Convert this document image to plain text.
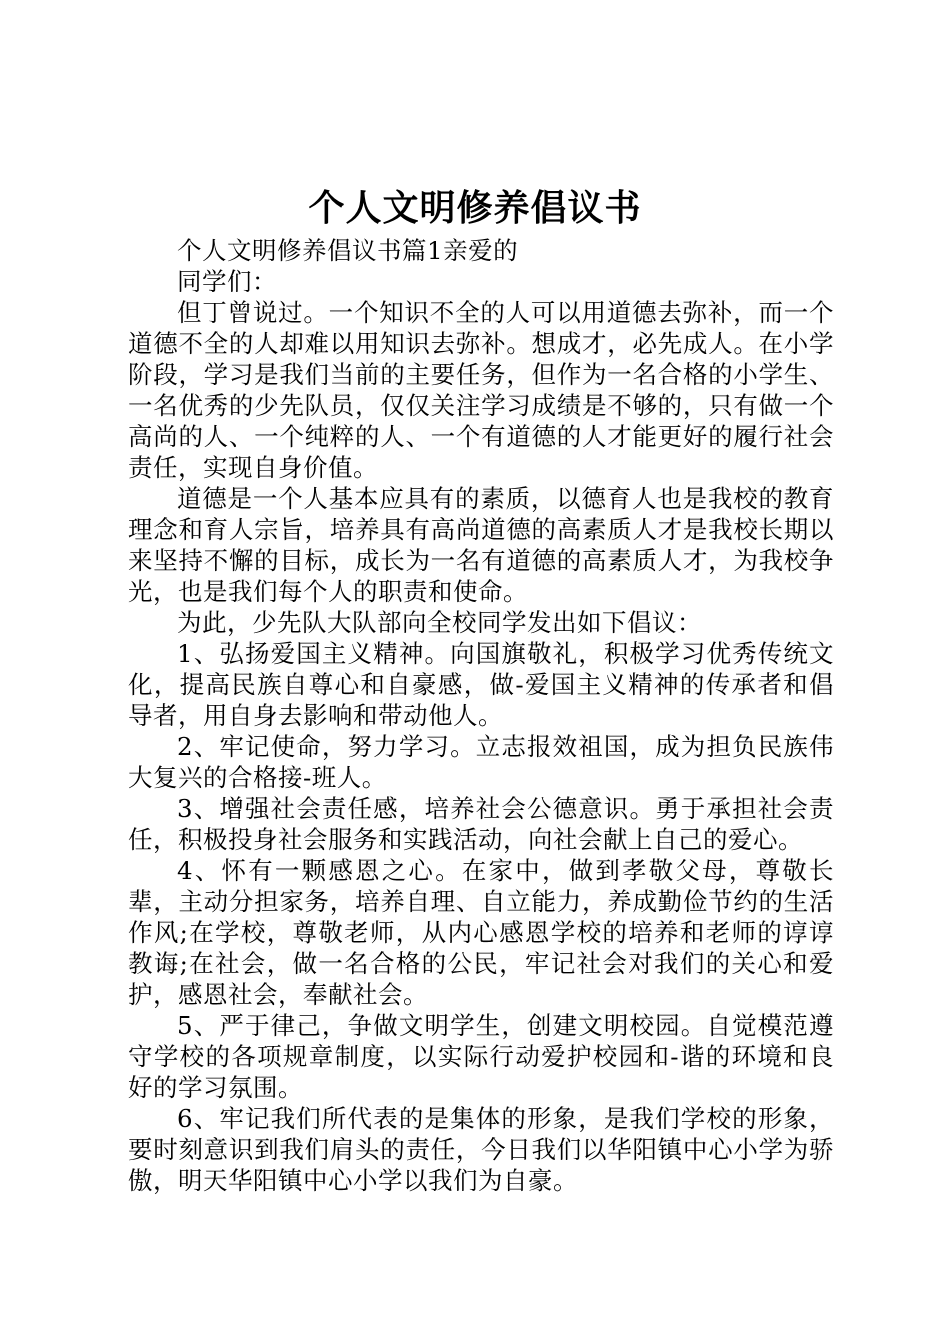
个人文明修养倡议书

个人文明修养倡议书篇1亲爱的

同学们：

但丁曾说过。一个知识不全的人可以用道德去弥补，而一个道德不全的人却难以用知识去弥补。想成才，必先成人。在小学阶段，学习是我们当前的主要任务，但作为一名合格的小学生、一名优秀的少先队员，仅仅关注学习成绩是不够的，只有做一个高尚的人、一个纯粹的人、一个有道德的人才能更好的履行社会责任，实现自身价值。

道德是一个人基本应具有的素质，以德育人也是我校的教育理念和育人宗旨，培养具有高尚道德的高素质人才是我校长期以来坚持不懈的目标，成长为一名有道德的高素质人才，为我校争光，也是我们每个人的职责和使命。

为此，少先队大队部向全校同学发出如下倡议：

1、弘扬爱国主义精神。向国旗敬礼，积极学习优秀传统文化，提高民族自尊心和自豪感，做-爱国主义精神的传承者和倡导者，用自身去影响和带动他人。

2、牢记使命，努力学习。立志报效祖国，成为担负民族伟大复兴的合格接-班人。

3、增强社会责任感，培养社会公德意识。勇于承担社会责任，积极投身社会服务和实践活动，向社会献上自己的爱心。

4、怀有一颗感恩之心。在家中，做到孝敬父母，尊敬长辈，主动分担家务，培养自理、自立能力，养成勤俭节约的生活作风;在学校，尊敬老师，从内心感恩学校的培养和老师的谆谆教诲;在社会，做一名合格的公民，牢记社会对我们的关心和爱护，感恩社会，奉献社会。

5、严于律己，争做文明学生，创建文明校园。自觉模范遵守学校的各项规章制度，以实际行动爱护校园和-谐的环境和良好的学习氛围。

6、牢记我们所代表的是集体的形象，是我们学校的形象，要时刻意识到我们肩头的责任，今日我们以华阳镇中心小学为骄傲，明天华阳镇中心小学以我们为自豪。
